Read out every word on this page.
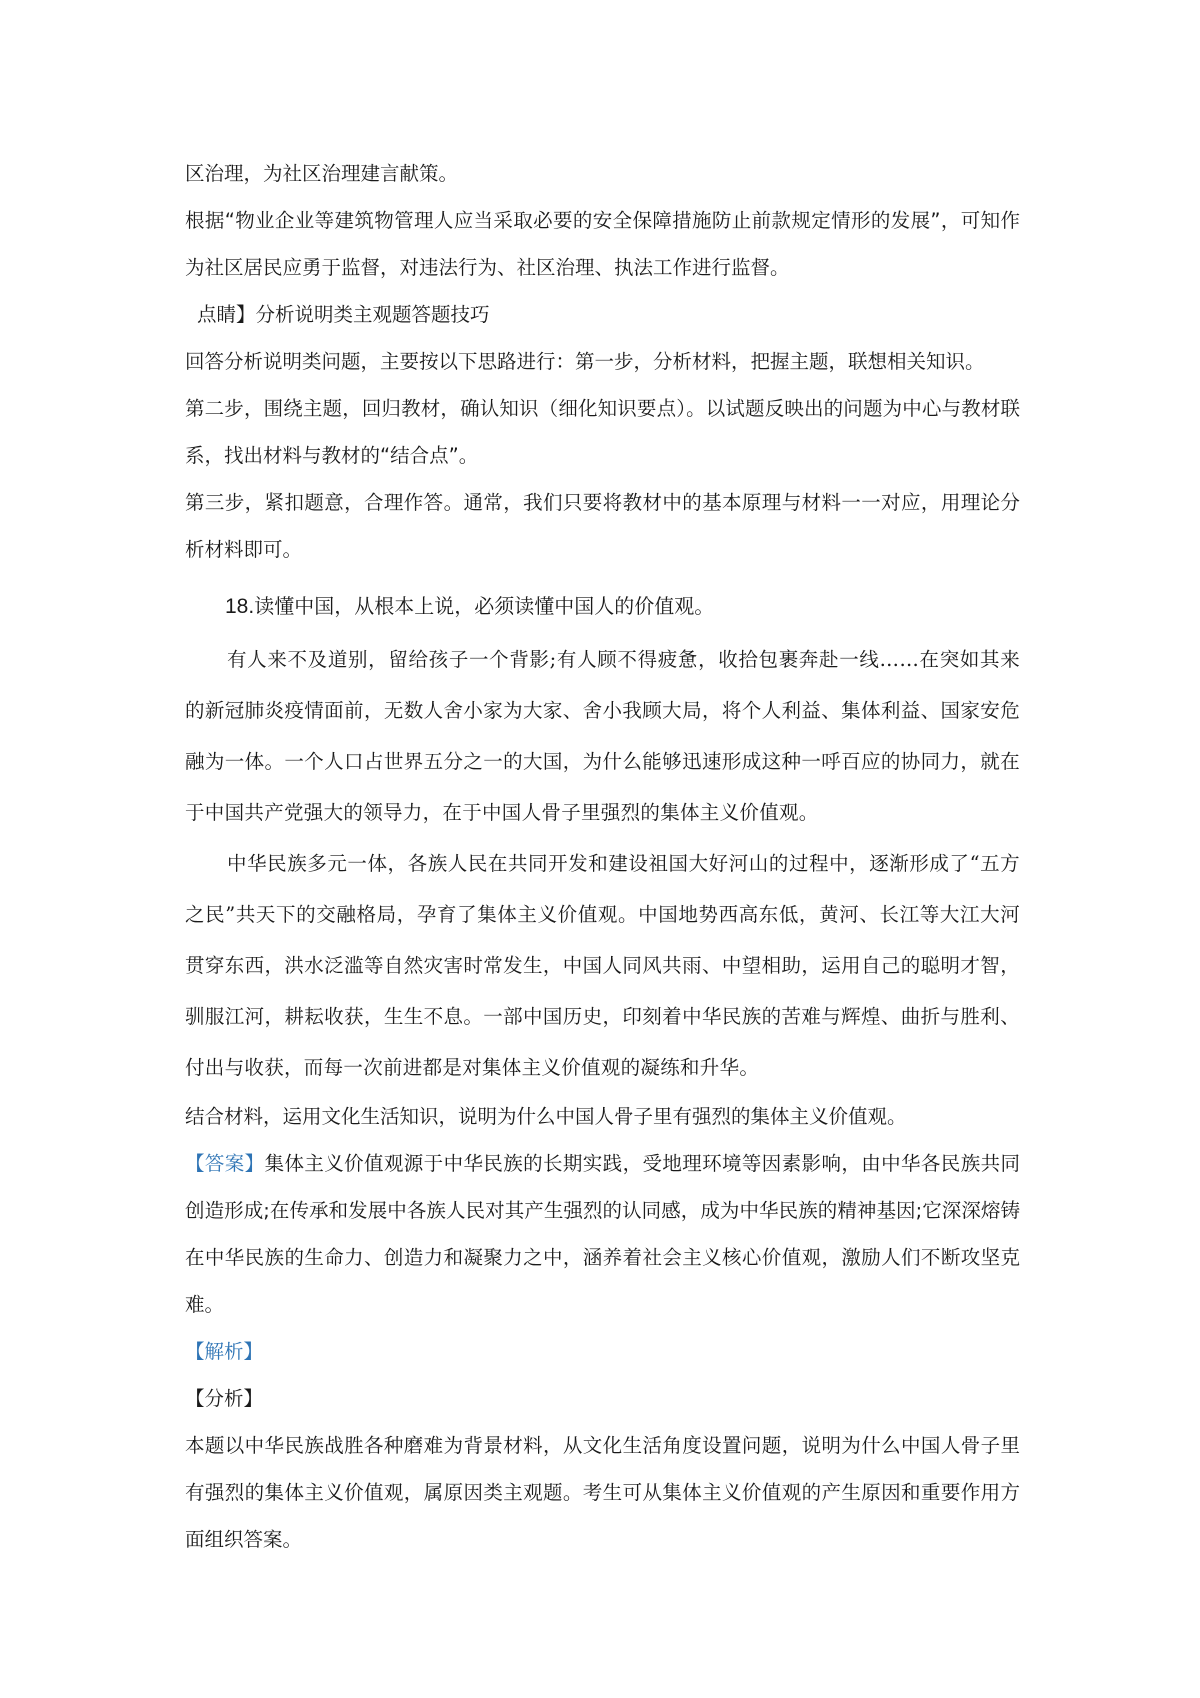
区治理，为社区治理建言献策。

根据“物业企业等建筑物管理人应当采取必要的安全保障措施防止前款规定情形的发展”，可知作为社区居民应勇于监督，对违法行为、社区治理、执法工作进行监督。

点睛】分析说明类主观题答题技巧

回答分析说明类问题，主要按以下思路进行：第一步，分析材料，把握主题，联想相关知识。

第二步，围绕主题，回归教材，确认知识（细化知识要点）。以试题反映出的问题为中心与教材联系，找出材料与教材的“结合点”。

第三步，紧扣题意，合理作答。通常，我们只要将教材中的基本原理与材料一一对应，用理论分析材料即可。

18.读懂中国，从根本上说，必须读懂中国人的价值观。

有人来不及道别，留给孩子一个背影;有人顾不得疲惫，收拾包裹奔赴一线……在突如其来的新冠肺炎疫情面前，无数人舍小家为大家、舍小我顾大局，将个人利益、集体利益、国家安危融为一体。一个人口占世界五分之一的大国，为什么能够迅速形成这种一呼百应的协同力，就在于中国共产党强大的领导力，在于中国人骨子里强烈的集体主义价值观。

中华民族多元一体，各族人民在共同开发和建设祖国大好河山的过程中，逐渐形成了“五方之民”共天下的交融格局，孕育了集体主义价值观。中国地势西高东低，黄河、长江等大江大河贯穿东西，洪水泛滥等自然灾害时常发生，中国人同风共雨、中望相助，运用自己的聪明才智，驯服江河，耕耘收获，生生不息。一部中国历史，印刻着中华民族的苦难与辉煌、曲折与胜利、付出与收获，而每一次前进都是对集体主义价值观的凝练和升华。

结合材料，运用文化生活知识，说明为什么中国人骨子里有强烈的集体主义价值观。

【答案】集体主义价值观源于中华民族的长期实践，受地理环境等因素影响，由中华各民族共同创造形成;在传承和发展中各族人民对其产生强烈的认同感，成为中华民族的精神基因;它深深熔铸在中华民族的生命力、创造力和凝聚力之中，涵养着社会主义核心价值观，激励人们不断攻坚克难。

【解析】

【分析】

本题以中华民族战胜各种磨难为背景材料，从文化生活角度设置问题，说明为什么中国人骨子里有强烈的集体主义价值观，属原因类主观题。考生可从集体主义价值观的产生原因和重要作用方面组织答案。
